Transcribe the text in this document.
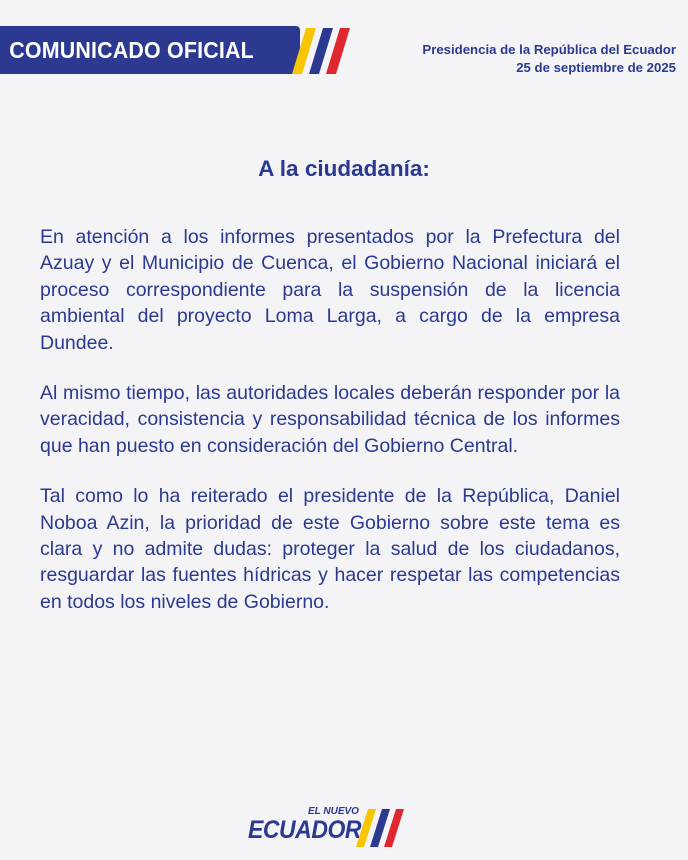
COMUNICADO OFICIAL	Presidencia de la República del Ecuador
25 de septiembre de 2025
A la ciudadanía:

En atención a los informes presentados por la Prefectura del Azuay y el Municipio de Cuenca, el Gobierno Nacional iniciará el proceso correspondiente para la suspensión de la licencia ambiental del proyecto Loma Larga, a cargo de la empresa Dundee.

Al mismo tiempo, las autoridades locales deberán responder por la veracidad, consistencia y responsabilidad técnica de los informes que han puesto en consideración del Gobierno Central.

Tal como lo ha reiterado el presidente de la República, Daniel Noboa Azin, la prioridad de este Gobierno sobre este tema es clara y no admite dudas: proteger la salud de los ciudadanos, resguardar las fuentes hídricas y hacer respetar las competencias en todos los niveles de Gobierno.

EL NUEVO
ECUADOR
